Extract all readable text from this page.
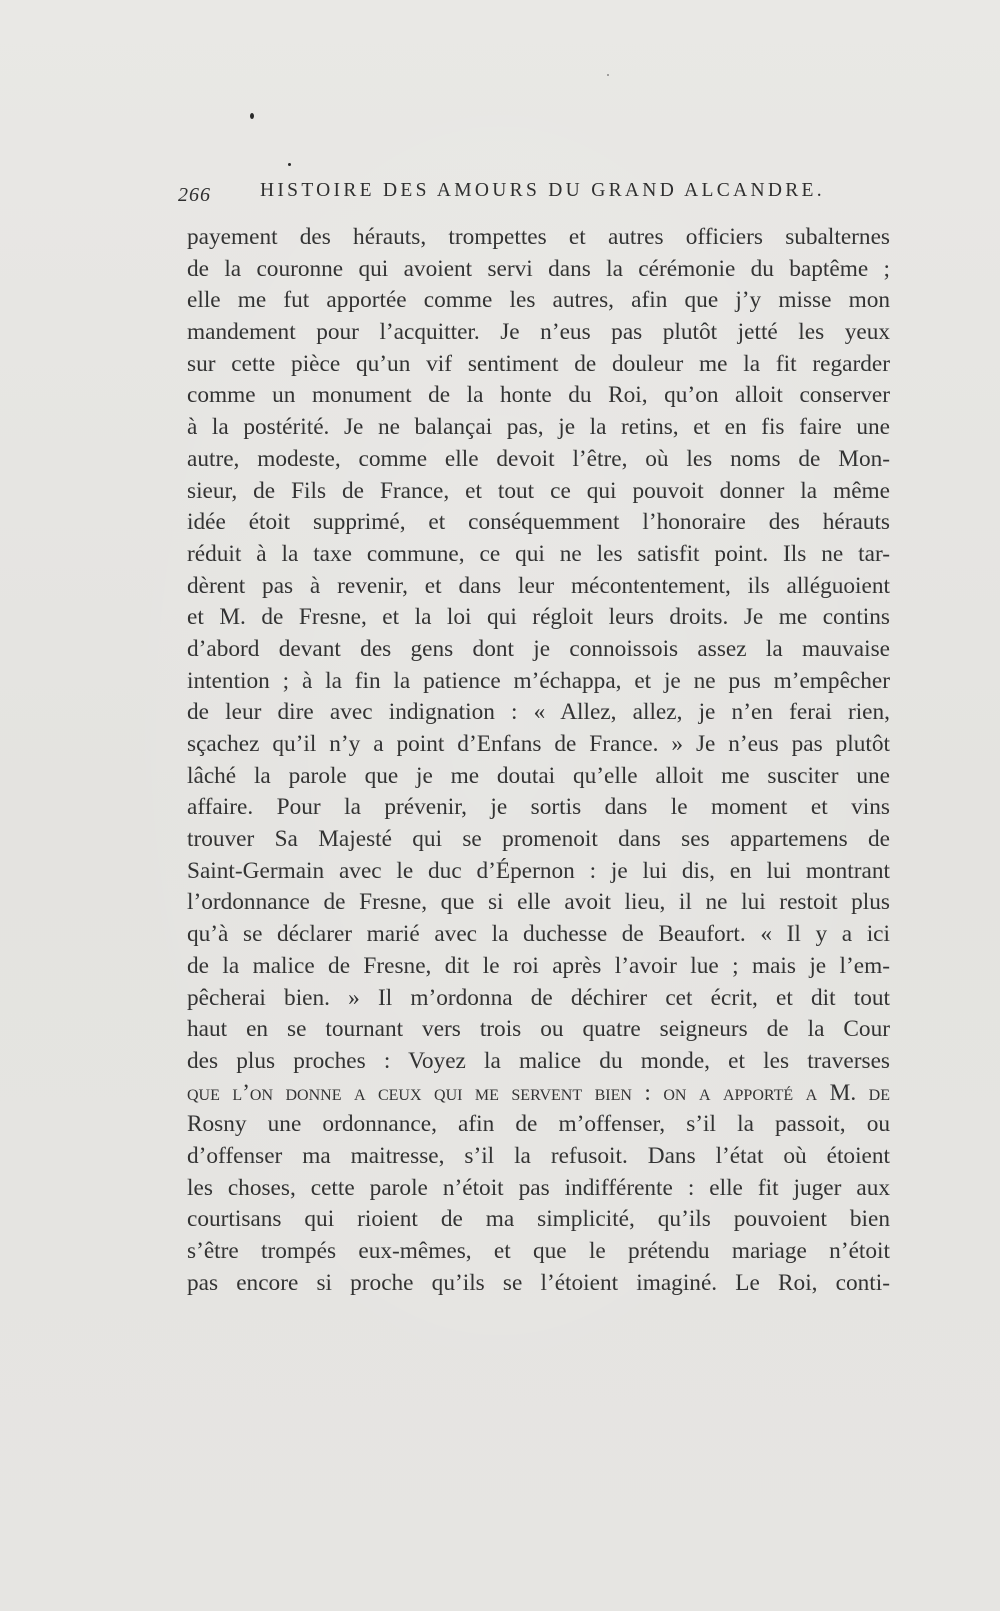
266	HISTOIRE DES AMOURS DU GRAND ALCANDRE.
payement des hérauts, trompettes et autres officiers subalternes
de la couronne qui avoient servi dans la cérémonie du baptême ;
elle me fut apportée comme les autres, afin que j’y misse mon
mandement pour l’acquitter. Je n’eus pas plutôt jetté les yeux
sur cette pièce qu’un vif sentiment de douleur me la fit regarder
comme un monument de la honte du Roi, qu’on alloit conserver
à la postérité. Je ne balançai pas, je la retins, et en fis faire une
autre, modeste, comme elle devoit l’être, où les noms de Mon-
sieur, de Fils de France, et tout ce qui pouvoit donner la même
idée étoit supprimé, et conséquemment l’honoraire des hérauts
réduit à la taxe commune, ce qui ne les satisfit point. Ils ne tar-
dèrent pas à revenir, et dans leur mécontentement, ils alléguoient
et M. de Fresne, et la loi qui régloit leurs droits. Je me contins
d’abord devant des gens dont je connoissois assez la mauvaise
intention ; à la fin la patience m’échappa, et je ne pus m’empêcher
de leur dire avec indignation : « Allez, allez, je n’en ferai rien,
sçachez qu’il n’y a point d’Enfans de France. » Je n’eus pas plutôt
lâché la parole que je me doutai qu’elle alloit me susciter une
affaire. Pour la prévenir, je sortis dans le moment et vins
trouver Sa Majesté qui se promenoit dans ses appartemens de
Saint-Germain avec le duc d’Épernon : je lui dis, en lui montrant
l’ordonnance de Fresne, que si elle avoit lieu, il ne lui restoit plus
qu’à se déclarer marié avec la duchesse de Beaufort. « Il y a ici
de la malice de Fresne, dit le roi après l’avoir lue ; mais je l’em-
pêcherai bien. » Il m’ordonna de déchirer cet écrit, et dit tout
haut en se tournant vers trois ou quatre seigneurs de la Cour
des plus proches : Voyez la malice du monde, et les traverses
que l’on donne a ceux qui me servent bien : on a apporté a M. de
Rosny une ordonnance, afin de m’offenser, s’il la passoit, ou
d’offenser ma maitresse, s’il la refusoit. Dans l’état où étoient
les choses, cette parole n’étoit pas indifférente : elle fit juger aux
courtisans qui rioient de ma simplicité, qu’ils pouvoient bien
s’être trompés eux-mêmes, et que le prétendu mariage n’étoit
pas encore si proche qu’ils se l’étoient imaginé. Le Roi, conti-
